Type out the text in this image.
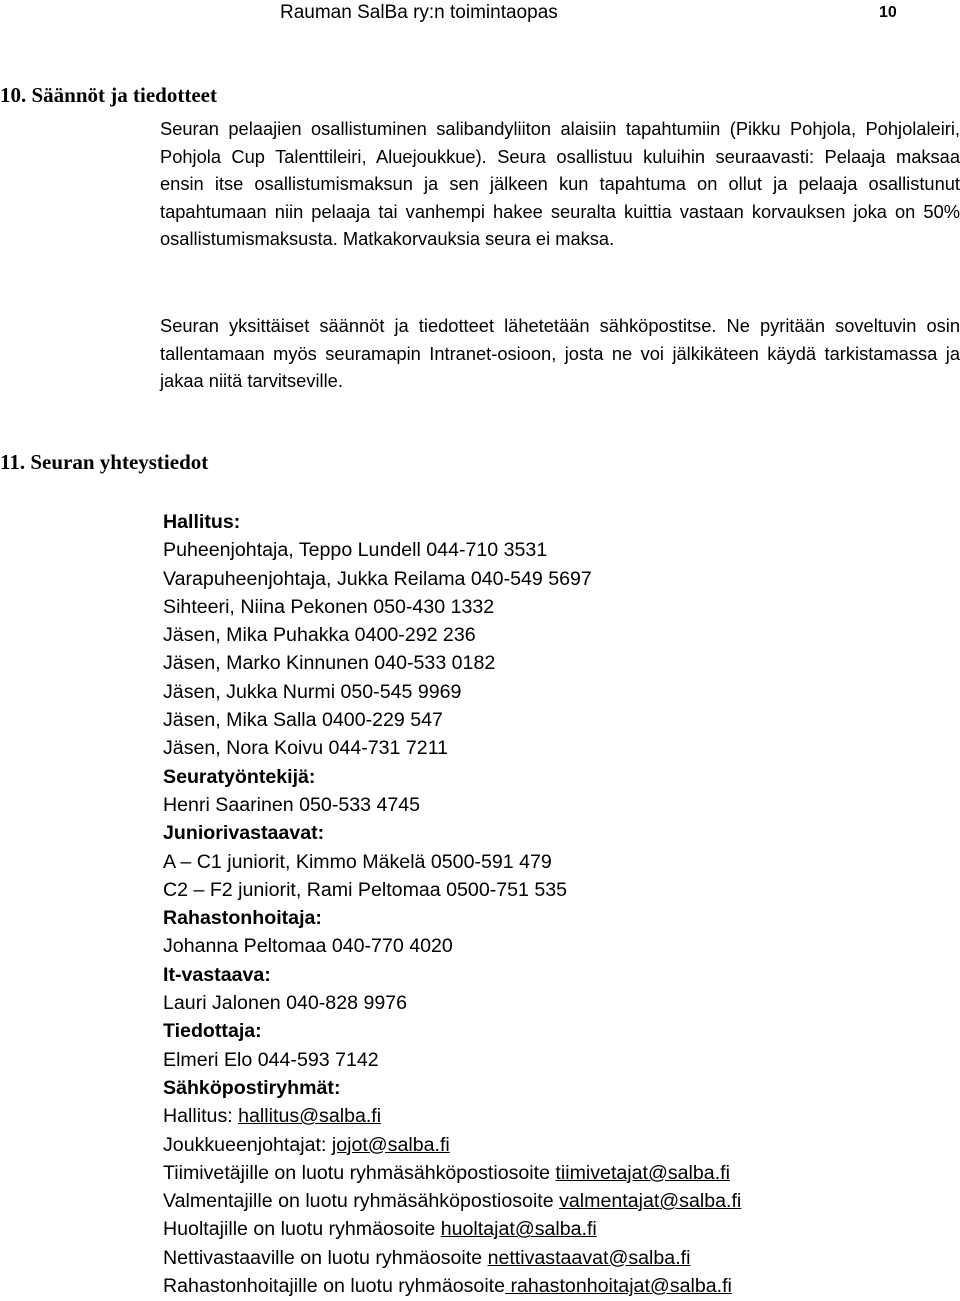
Rauman SalBa ry:n toimintaopas	10
10. Säännöt ja tiedotteet

Seuran pelaajien osallistuminen salibandyliiton alaisiin tapahtumiin (Pikku Pohjola, Pohjolaleiri, Pohjola Cup Talenttileiri, Aluejoukkue). Seura osallistuu kuluihin seuraavasti: Pelaaja maksaa ensin itse osallistumismaksun ja sen jälkeen kun tapahtuma on ollut ja pelaaja osallistunut tapahtumaan niin pelaaja tai vanhempi hakee seuralta kuittia vastaan korvauksen joka on 50% osallistumismaksusta. Matkakorvauksia seura ei maksa.

Seuran yksittäiset säännöt ja tiedotteet lähetetään sähköpostitse. Ne pyritään soveltuvin osin tallentamaan myös seuramapin Intranet-osioon, josta ne voi jälkikäteen käydä tarkistamassa ja jakaa niitä tarvitseville.

11. Seuran yhteystiedot
Hallitus:
Puheenjohtaja, Teppo Lundell 044-710 3531
Varapuheenjohtaja, Jukka Reilama 040-549 5697
Sihteeri, Niina Pekonen 050-430 1332
Jäsen, Mika Puhakka 0400-292 236
Jäsen, Marko Kinnunen 040-533 0182
Jäsen, Jukka Nurmi 050-545 9969
Jäsen, Mika Salla 0400-229 547
Jäsen, Nora Koivu 044-731 7211
Seuratyöntekijä:
Henri Saarinen 050-533 4745
Juniorivastaavat:
A – C1 juniorit, Kimmo Mäkelä 0500-591 479
C2 – F2 juniorit, Rami Peltomaa 0500-751 535
Rahastonhoitaja:
Johanna Peltomaa 040-770 4020
It-vastaava:
Lauri Jalonen 040-828 9976
Tiedottaja:
Elmeri Elo 044-593 7142
Sähköpostiryhmät:
Hallitus: hallitus@salba.fi
Joukkueenjohtajat: jojot@salba.fi
Tiimivetäjille on luotu ryhmäsähköpostiosoite tiimivetajat@salba.fi
Valmentajille on luotu ryhmäsähköpostiosoite valmentajat@salba.fi
Huoltajille on luotu ryhmäosoite huoltajat@salba.fi
Nettivastaaville on luotu ryhmäosoite nettivastaavat@salba.fi
Rahastonhoitajille on luotu ryhmäosoite rahastonhoitajat@salba.fi
